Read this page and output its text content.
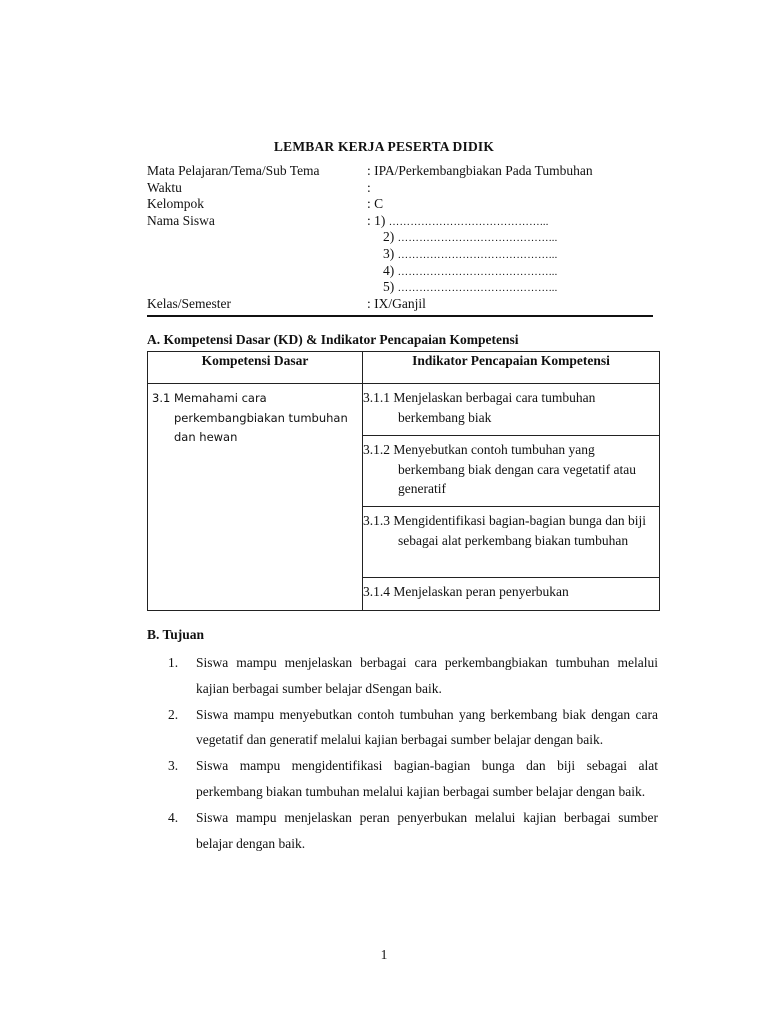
LEMBAR KERJA PESERTA DIDIK
Mata Pelajaran/Tema/Sub Tema	: IPA/Perkembangbiakan Pada Tumbuhan
Waktu	:
Kelompok	: C
Nama Siswa	: 1) ……………………………………...
2) ……………………………………...
3) ……………………………………...
4) ……………………………………...
5) ……………………………………...
Kelas/Semester	: IX/Ganjil
A. Kompetensi Dasar (KD) & Indikator Pencapaian Kompetensi
Kompetensi Dasar	Indikator Pencapaian Kompetensi

3.1 Memahami cara perkembangbiakan tumbuhan dan hewan	3.1.1 Menjelaskan berbagai cara tumbuhan berkembang biak

	3.1.2 Menyebutkan contoh tumbuhan yang berkembang biak dengan cara vegetatif atau generatif

	3.1.3 Mengidentifikasi bagian-bagian bunga dan biji sebagai alat perkembang biakan tumbuhan

	3.1.4 Menjelaskan peran penyerbukan
B. Tujuan
1. Siswa mampu menjelaskan berbagai cara perkembangbiakan tumbuhan melalui kajian berbagai sumber belajar dSengan baik.
2. Siswa mampu menyebutkan contoh tumbuhan yang berkembang biak dengan cara vegetatif dan generatif melalui kajian berbagai sumber belajar dengan baik.
3. Siswa mampu mengidentifikasi bagian-bagian bunga dan biji sebagai alat perkembang biakan tumbuhan melalui kajian berbagai sumber belajar dengan baik.
4. Siswa mampu menjelaskan peran penyerbukan melalui kajian berbagai sumber belajar dengan baik.
1
